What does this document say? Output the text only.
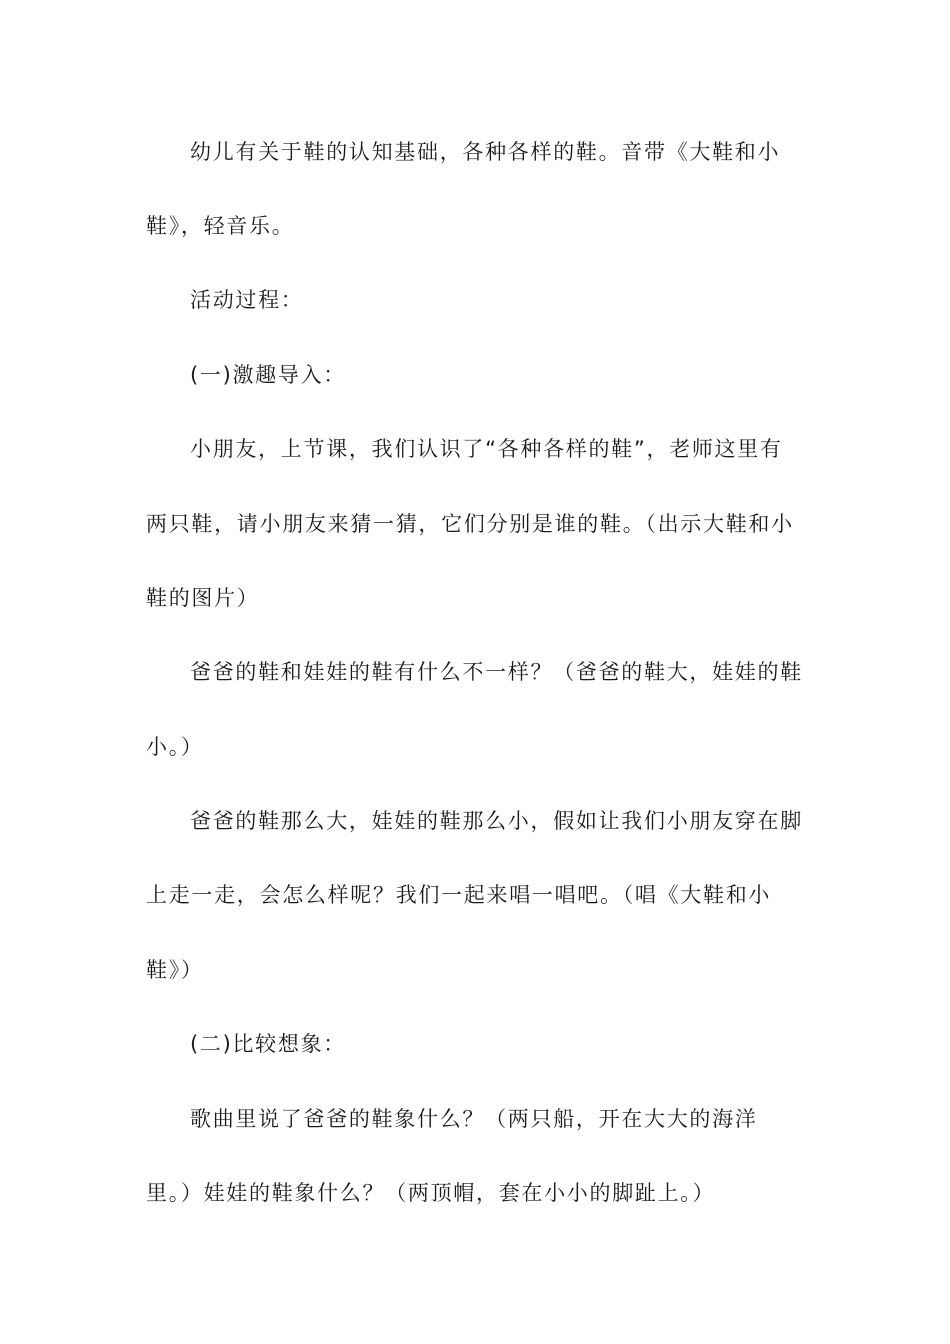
幼儿有关于鞋的认知基础，各种各样的鞋。音带《大鞋和小
鞋》，轻音乐。
活动过程：
(一)激趣导入：
小朋友，上节课，我们认识了“各种各样的鞋”，老师这里有
两只鞋，请小朋友来猜一猜，它们分别是谁的鞋。（出示大鞋和小
鞋的图片）
爸爸的鞋和娃娃的鞋有什么不一样？（爸爸的鞋大，娃娃的鞋
小。）
爸爸的鞋那么大，娃娃的鞋那么小，假如让我们小朋友穿在脚
上走一走，会怎么样呢？我们一起来唱一唱吧。（唱《大鞋和小
鞋》）
(二)比较想象：
歌曲里说了爸爸的鞋象什么？（两只船，开在大大的海洋
里。）娃娃的鞋象什么？（两顶帽，套在小小的脚趾上。）
